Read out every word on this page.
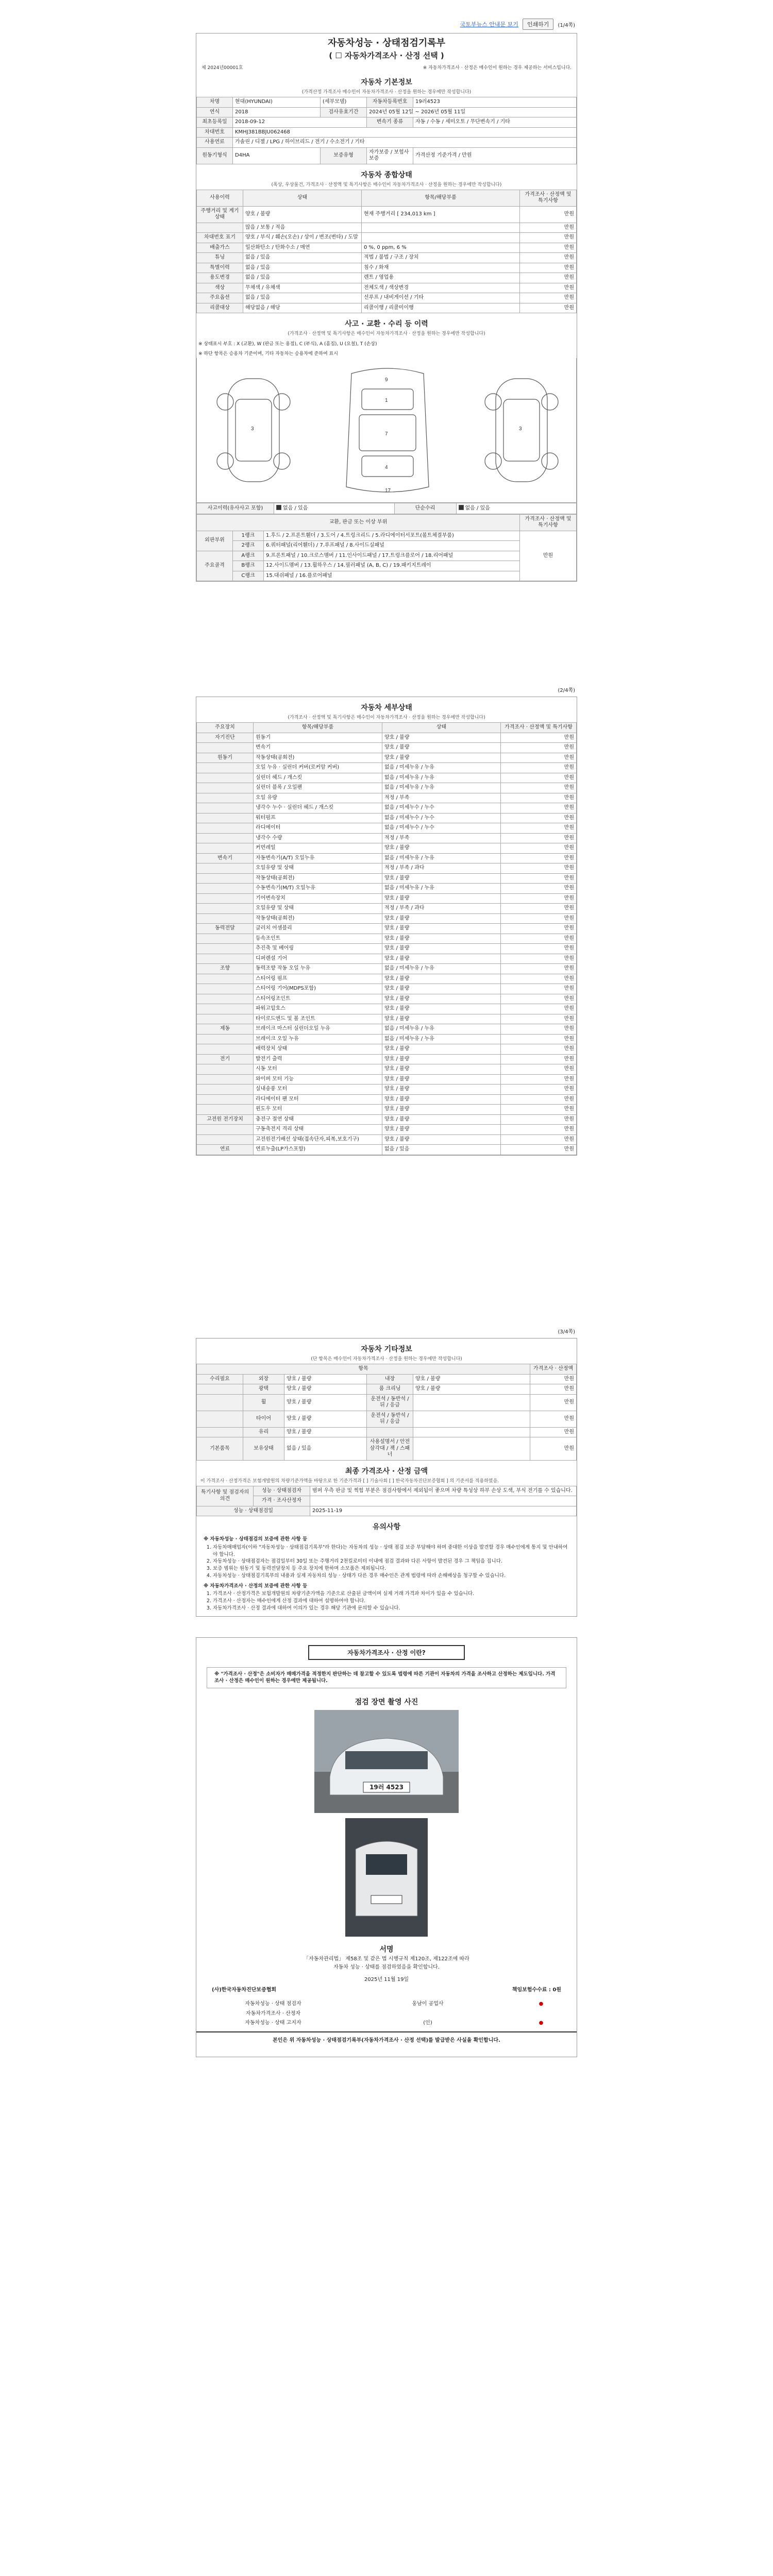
국토부뉴스 안내문 보기	인쇄하기	(1/4쪽)
자동차성능 · 상태점검기록부
( ☐ 자동차가격조사 · 산정 선택 )
제 2024년00001호	※ 자동차가격조사 · 산정은 매수인이 원하는 경우 제공하는 서비스입니다.
자동차 기본정보
(가격산정 가격조사 매수인이 자동차가격조사 · 산정을 원하는 경우에만 작성합니다)
차명	현대(HYUNDAI)	(세부모델)	자동차등록번호	19러4523
연식	2018	검사유효기간	2024년 05월 12일 ~ 2026년 05월 11일	
최초등록일	2018-09-12		변속기 종류	자동 / 수동 / 세미오토 / 무단변속기 / 기타
차대번호	KMHJ381BBJU062468			
사용연료	가솔린 / 디젤 / LPG / 하이브리드 / 전기 / 수소전기 / 기타			
원동기형식	D4HA	보증유형	자가보증 / 보험사보증	가격산정 기준가격 / 만원
자동차 종합상태
(폭상, 우상물건, 가격조사 · 산정액 및 특기사항은 매수인이 자동차가격조사 · 산정을 원하는 경우에만 작성합니다)
사용이력	상태	항목/해당부품	가격조사 · 산정액 및 특기사항
주행거리 및 계기상태	양호 / 불량	현재 주행거리 [ 234,013 km ]	만원
	많음 / 보통 / 적음		만원
차대번호 표기	양호 / 부식 / 훼손(오손) / 상이 / 변조(변타) / 도말		만원
배출가스	일산화탄소 / 탄화수소 / 매연	0 %, 0 ppm, 6 %	만원
튜닝	없음 / 있음	적법 / 불법 / 구조 / 장치	만원
특별이력	없음 / 있음	침수 / 화재	만원
용도변경	없음 / 있음	렌트 / 영업용	만원
색상	무채색 / 유채색	전체도색 / 색상변경	만원
주요옵션	없음 / 있음	선루프 / 내비게이션 / 기타	만원
리콜대상	해당없음 / 해당	리콜이행 / 리콜미이행	만원
사고 · 교환 · 수리 등 이력
(가격조사 · 산정액 및 특기사항은 매수인이 자동차가격조사 · 산정을 원하는 경우에만 작성합니다)
※ 상태표시 부호 : X (교환), W (판금 또는 용접), C (부식), A (흠집), U (요철), T (손상)
※ 하단 항목은 승용차 기준이며, 기타 자동차는 승용차에 준하여 표시
9
1
7
4
17
3	3
사고이력(유사사고 포함)	없음 / 있음	단순수리	없음 / 있음
교환, 판금 또는 이상 부위			가격조사 · 산정액 및 특기사항
외판부위	1랭크	1.후드 / 2.프론트휀더 / 3.도어 / 4.트렁크리드 / 5.라디에이터서포트(볼트체결부품)	만원
	2랭크	6.쿼터패널(리어휀더) / 7.루프패널 / 8.사이드실패널	
주요골격	A랭크	9.프론트패널 / 10.크로스멤버 / 11.인사이드패널 / 17.트렁크플로어 / 18.리어패널	
	B랭크	12.사이드멤버 / 13.휠하우스 / 14.필러패널 (A, B, C) / 19.패키지트레이	
	C랭크	15.대쉬패널 / 16.플로어패널	
(2/4쪽)
자동차 세부상태
(가격조사 · 산정액 및 특기사항은 매수인이 자동차가격조사 · 산정을 원하는 경우에만 작성합니다)
주요장치	항목/해당부품	상태	가격조사 · 산정액 및 특기사항
자기진단	원동기	양호 / 불량	만원
	변속기	양호 / 불량	만원
원동기	작동상태(공회전)	양호 / 불량	만원
	오일 누유 · 실린더 커버(로커암 커버)	없음 / 미세누유 / 누유	만원
	실린더 헤드 / 개스킷	없음 / 미세누유 / 누유	만원
	실린더 블록 / 오일팬	없음 / 미세누유 / 누유	만원
	오일 유량	적정 / 부족	만원
	냉각수 누수 · 실린더 헤드 / 개스킷	없음 / 미세누수 / 누수	만원
	워터펌프	없음 / 미세누수 / 누수	만원
	라디에이터	없음 / 미세누수 / 누수	만원
	냉각수 수량	적정 / 부족	만원
	커먼레일	양호 / 불량	만원
변속기	자동변속기(A/T) 오일누유	없음 / 미세누유 / 누유	만원
	오일유량 및 상태	적정 / 부족 / 과다	만원
	작동상태(공회전)	양호 / 불량	만원
	수동변속기(M/T) 오일누유	없음 / 미세누유 / 누유	만원
	기어변속장치	양호 / 불량	만원
	오일유량 및 상태	적정 / 부족 / 과다	만원
	작동상태(공회전)	양호 / 불량	만원
동력전달	클러치 어셈블리	양호 / 불량	만원
	등속조인트	양호 / 불량	만원
	추진축 및 베어링	양호 / 불량	만원
	디퍼렌셜 기어	양호 / 불량	만원
조향	동력조향 작동 오일 누유	없음 / 미세누유 / 누유	만원
	스티어링 펌프	양호 / 불량	만원
	스티어링 기어(MDPS포함)	양호 / 불량	만원
	스티어링조인트	양호 / 불량	만원
	파워고압호스	양호 / 불량	만원
	타이로드엔드 및 볼 조인트	양호 / 불량	만원
제동	브레이크 마스터 실린더오일 누유	없음 / 미세누유 / 누유	만원
	브레이크 오일 누유	없음 / 미세누유 / 누유	만원
	배력장치 상태	양호 / 불량	만원
전기	발전기 출력	양호 / 불량	만원
	시동 모터	양호 / 불량	만원
	와이퍼 모터 기능	양호 / 불량	만원
	실내송풍 모터	양호 / 불량	만원
	라디에이터 팬 모터	양호 / 불량	만원
	윈도우 모터	양호 / 불량	만원
고전원 전기장치	충전구 절연 상태	양호 / 불량	만원
	구동축전지 격리 상태	양호 / 불량	만원
	고전원전기배선 상태(접속단자,피복,보호기구)	양호 / 불량	만원
연료	연료누출(LP가스포함)	없음 / 있음	만원
(3/4쪽)
자동차 기타정보
(단 항목은 매수인이 자동차가격조사 · 산정을 원하는 경우에만 작성합니다)
항목					가격조사 · 산정액
수리필요	외장	양호 / 불량	내장	양호 / 불량	만원
	광택	양호 / 불량	룸 크리닝	양호 / 불량	만원
	휠	양호 / 불량	운전석 / 동반석 / 뒤 / 응급		만원
	타이어	양호 / 불량	운전석 / 동반석 / 뒤 / 응급		만원
	유리	양호 / 불량			만원
기본품목	보유상태	없음 / 있음	사용설명서 / 안전삼각대 / 잭 / 스패너		만원
최종 가격조사 · 산정 금액
이 가격조사 · 산정가격은 보험개발원의 차량기준가액을 바탕으로 한 기준가격과 [ ] 기술사회 [ ] 한국자동차진단보증협회 ] 의 기준서를 적용하였음.
특기사항 및 점검자의 의견	성능 · 상태점검자	범퍼 우측 판금 및 찍힘 부분은 점검사항에서 제외됨이 좋으며 차량 특성상 하부 손상 도색, 부식 전기를 수 있습니다.
	가격 · 조사산정자	
성능 · 상태점검일		2025-11-19
유의사항
※ 자동차성능 · 상태점검의 보증에 관한 사항 등
1. 자동차매매업자(이하 "자동차성능 · 상태점검기록부"라 한다)는 자동차의 성능 · 상태 점검 보증 부담해야 하며 중대한 이상을 발견할 경우 매수인에게 통지 및 안내하여야 합니다.
2. 자동차성능 · 상태점검자는 점검일부터 30일 또는 주행거리 2천킬로미터 이내에 점검 결과와 다른 사항이 발견된 경우 그 책임을 집니다.
3. 보증 범위는 원동기 및 동력전달장치 등 주요 장치에 한하며 소모품은 제외됩니다.
4. 자동차성능 · 상태점검기록부의 내용과 실제 자동차의 성능 · 상태가 다른 경우 매수인은 관계 법령에 따라 손해배상을 청구할 수 있습니다.
※ 자동차가격조사 · 산정의 보증에 관한 사항 등
1. 가격조사 · 산정가격은 보험개발원의 차량기준가액을 기준으로 산출된 금액이며 실제 거래 가격과 차이가 있을 수 있습니다.
2. 가격조사 · 산정자는 매수인에게 산정 결과에 대하여 설명하여야 합니다.
3. 자동차가격조사 · 산정 결과에 대하여 이의가 있는 경우 해당 기관에 문의할 수 있습니다.
자동차가격조사 · 산정 이란?
※ "가격조사 · 산정"은 소비자가 매매가격을 적정한지 판단하는 데 참고할 수 있도록 법령에 따른 기관이 자동차의 가격을 조사하고 산정하는 제도입니다. 가격조사 · 산정은 매수인이 원하는 경우에만 제공됩니다.
점검 장면 촬영 사진
19러 4523
서명
「자동차관리법」 제58조 및 같은 법 시행규칙 제120조, 제122조에 따라
자동차 성능 · 상태를 점검하였음을 확인합니다.
2025년 11월 19일
(사)한국자동차진단보증협회	책임보험수수료 : 0원
자동차성능 · 상태 점검자	웅남이 공업사	●
자동차가격조사 · 산정자		
자동차성능 · 상태 고지자	(인)	●
본인은 위 자동차성능 · 상태점검기록부(자동차가격조사 · 산정 선택)를 발급받은 사실을 확인합니다.
